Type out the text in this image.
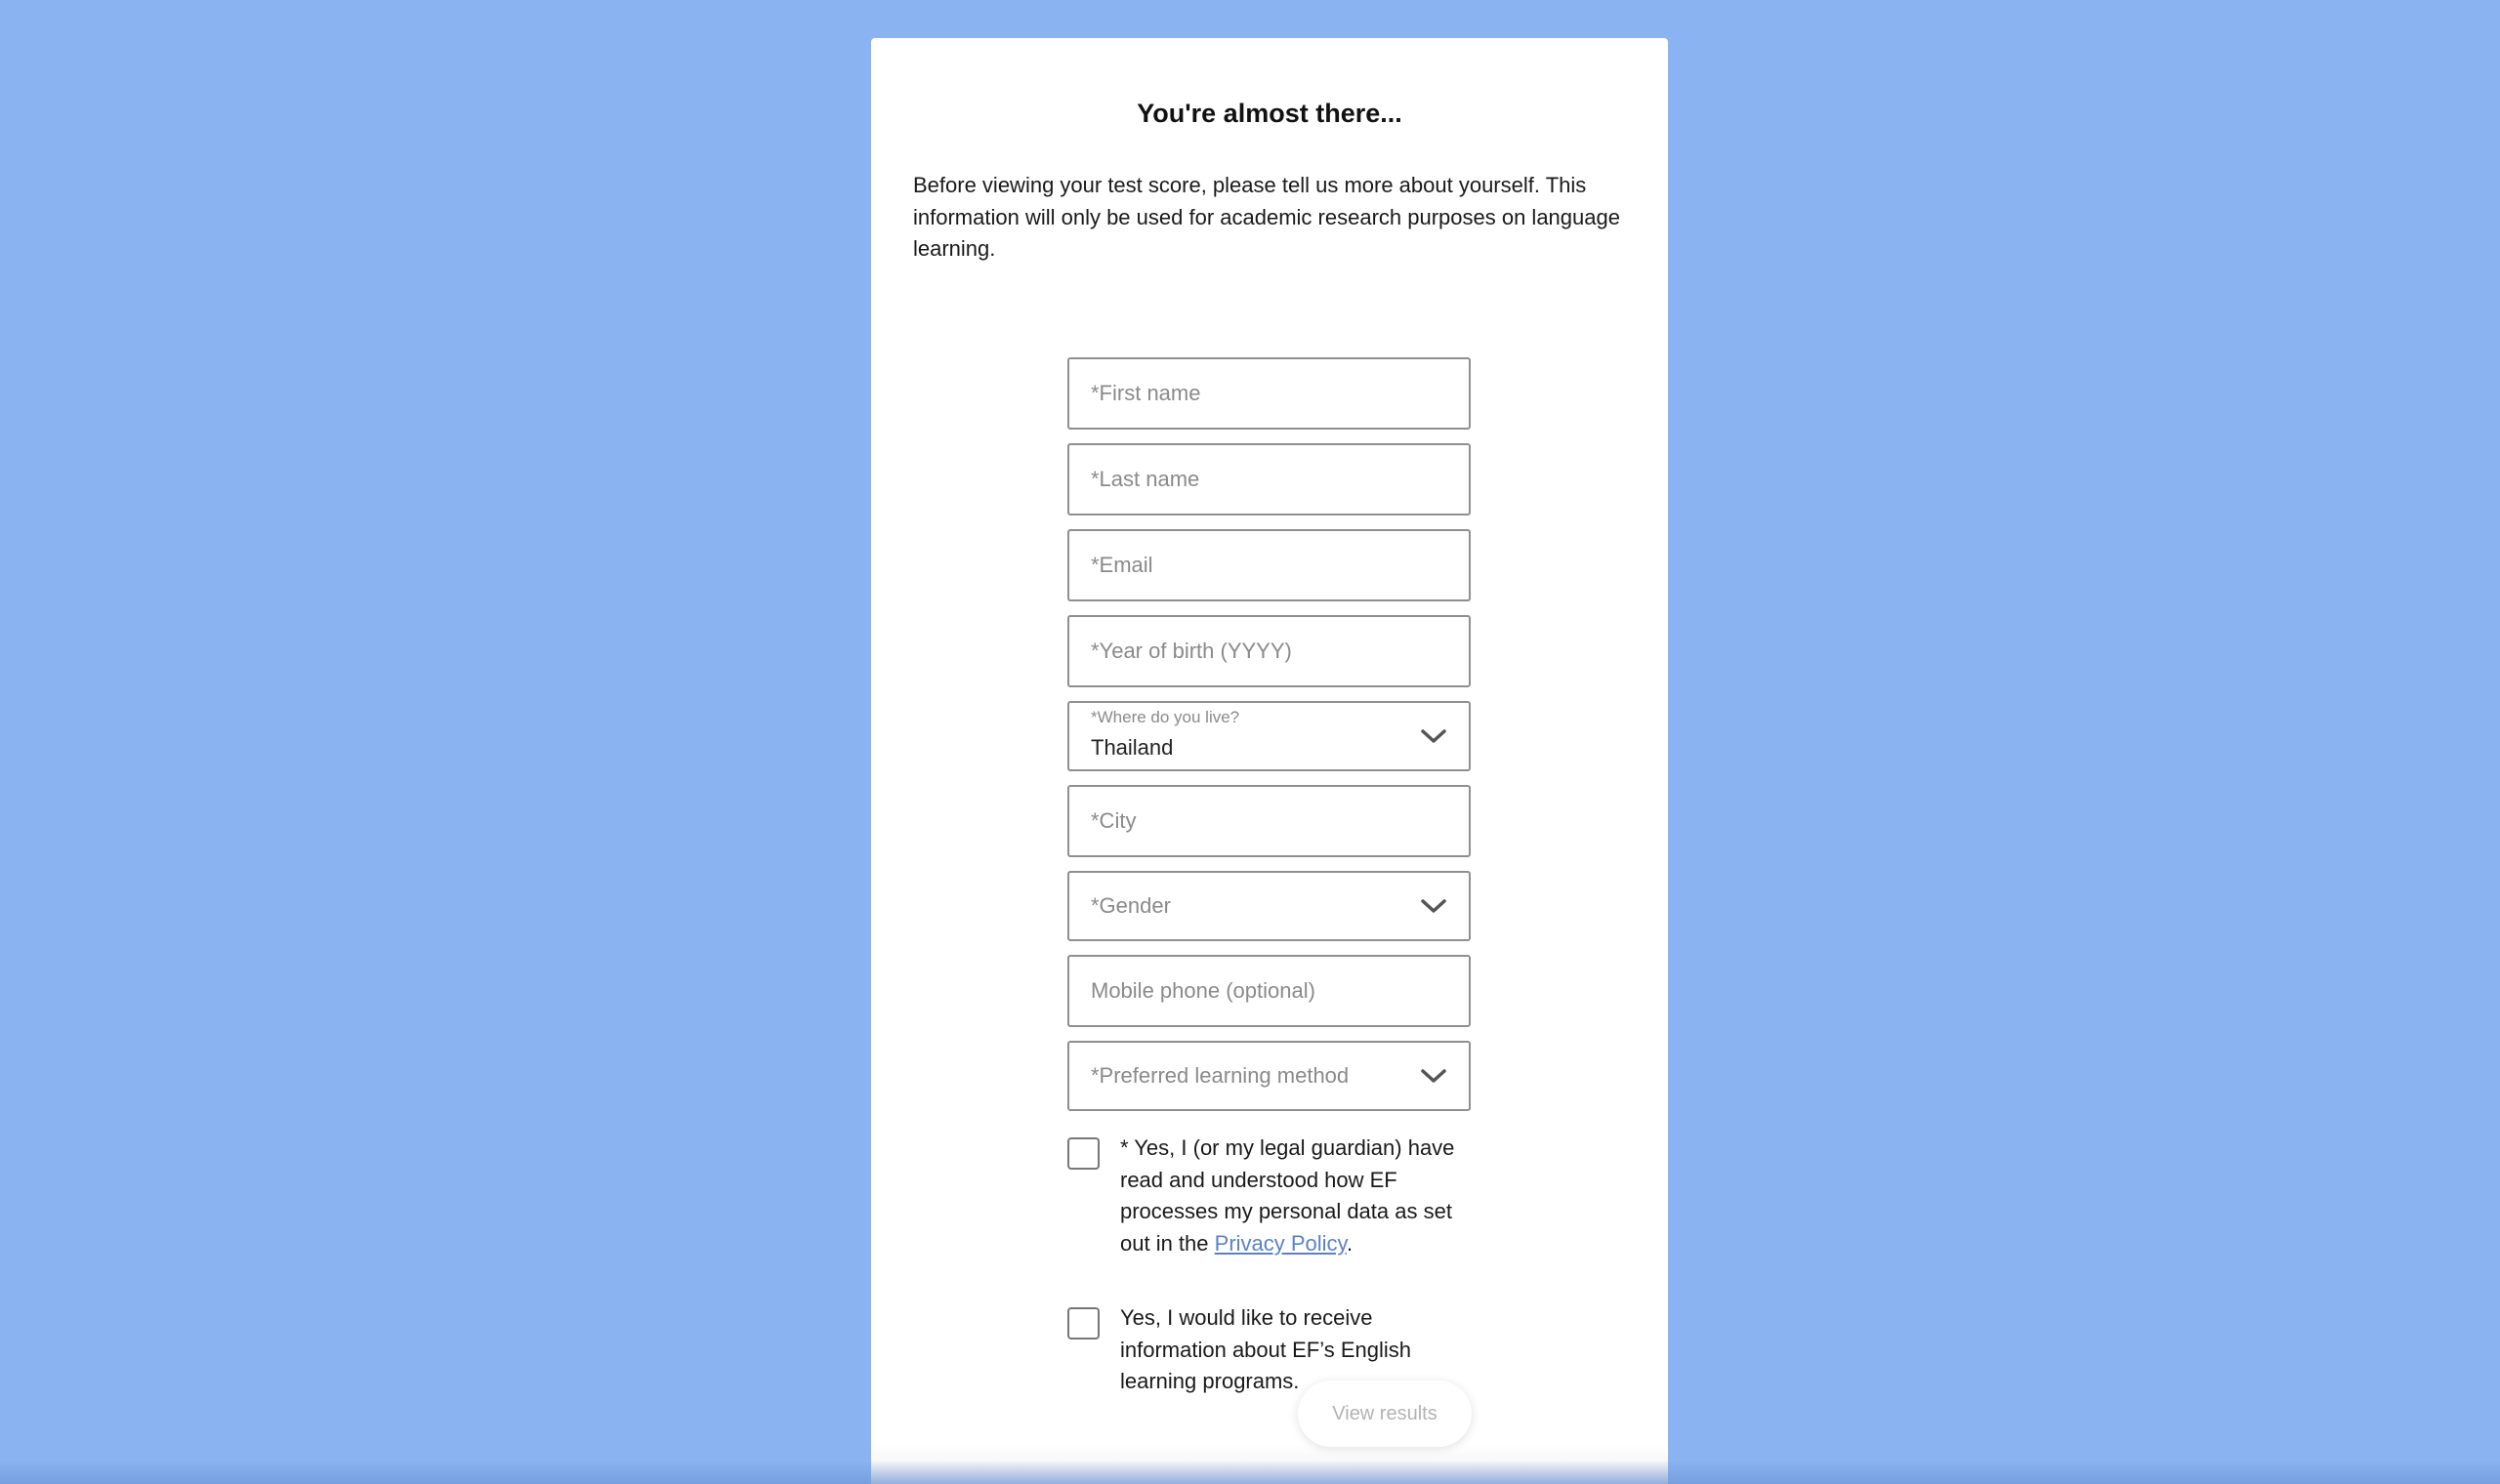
You're almost there...

Before viewing your test score, please tell us more about yourself. This information will only be used for academic research purposes on language learning.

*First name
*Last name
*Email
*Year of birth (YYYY)
*Where do you live?
Thailand
*City
*Gender
Mobile phone (optional)
*Preferred learning method

* Yes, I (or my legal guardian) have read and understood how EF processes my personal data as set out in the Privacy Policy.

Yes, I would like to receive information about EF’s English learning programs.

View results
